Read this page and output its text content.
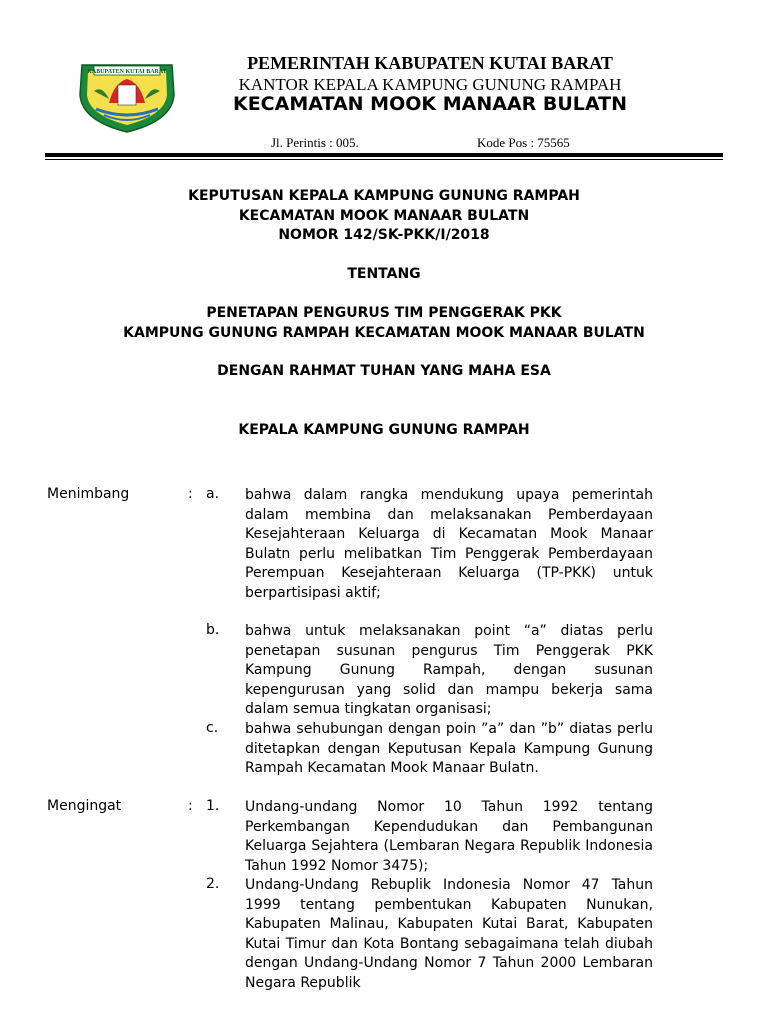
KABUPATEN KUTAI BARAT	PEMERINTAH KABUPATEN KUTAI BARAT
KANTOR KEPALA KAMPUNG GUNUNG RAMPAH
KECAMATAN MOOK MANAAR BULATN
Jl. Perintis : 005.	Kode Pos : 75565
KEPUTUSAN KEPALA KAMPUNG GUNUNG RAMPAH
KECAMATAN MOOK MANAAR BULATN
NOMOR 142/SK-PKK/I/2018
TENTANG
PENETAPAN PENGURUS TIM PENGGERAK PKK
KAMPUNG GUNUNG RAMPAH KECAMATAN MOOK MANAAR BULATN
DENGAN RAHMAT TUHAN YANG MAHA ESA
KEPALA KAMPUNG GUNUNG RAMPAH
Menimbang	: a. bahwa dalam rangka mendukung upaya pemerintah dalam membina dan melaksanakan Pemberdayaan Kesejahteraan Keluarga di Kecamatan Mook Manaar Bulatn perlu melibatkan Tim Penggerak Pemberdayaan Perempuan Kesejahteraan Keluarga (TP-PKK) untuk berpartisipasi aktif;
b. bahwa untuk melaksanakan point “a” diatas perlu penetapan susunan pengurus Tim Penggerak PKK Kampung Gunung Rampah, dengan susunan kepengurusan yang solid dan mampu bekerja sama dalam semua tingkatan organisasi;
c. bahwa sehubungan dengan poin ”a” dan ”b” diatas perlu ditetapkan dengan Keputusan Kepala Kampung Gunung Rampah Kecamatan Mook Manaar Bulatn.
Mengingat	: 1. Undang-undang Nomor 10 Tahun 1992 tentang Perkembangan Kependudukan dan Pembangunan Keluarga Sejahtera (Lembaran Negara Republik Indonesia Tahun 1992 Nomor 3475);
2. Undang-Undang Rebuplik Indonesia Nomor 47 Tahun 1999 tentang pembentukan Kabupaten Nunukan, Kabupaten Malinau, Kabupaten Kutai Barat, Kabupaten Kutai Timur dan Kota Bontang sebagaimana telah diubah dengan Undang-Undang Nomor 7 Tahun 2000 Lembaran Negara Republik
